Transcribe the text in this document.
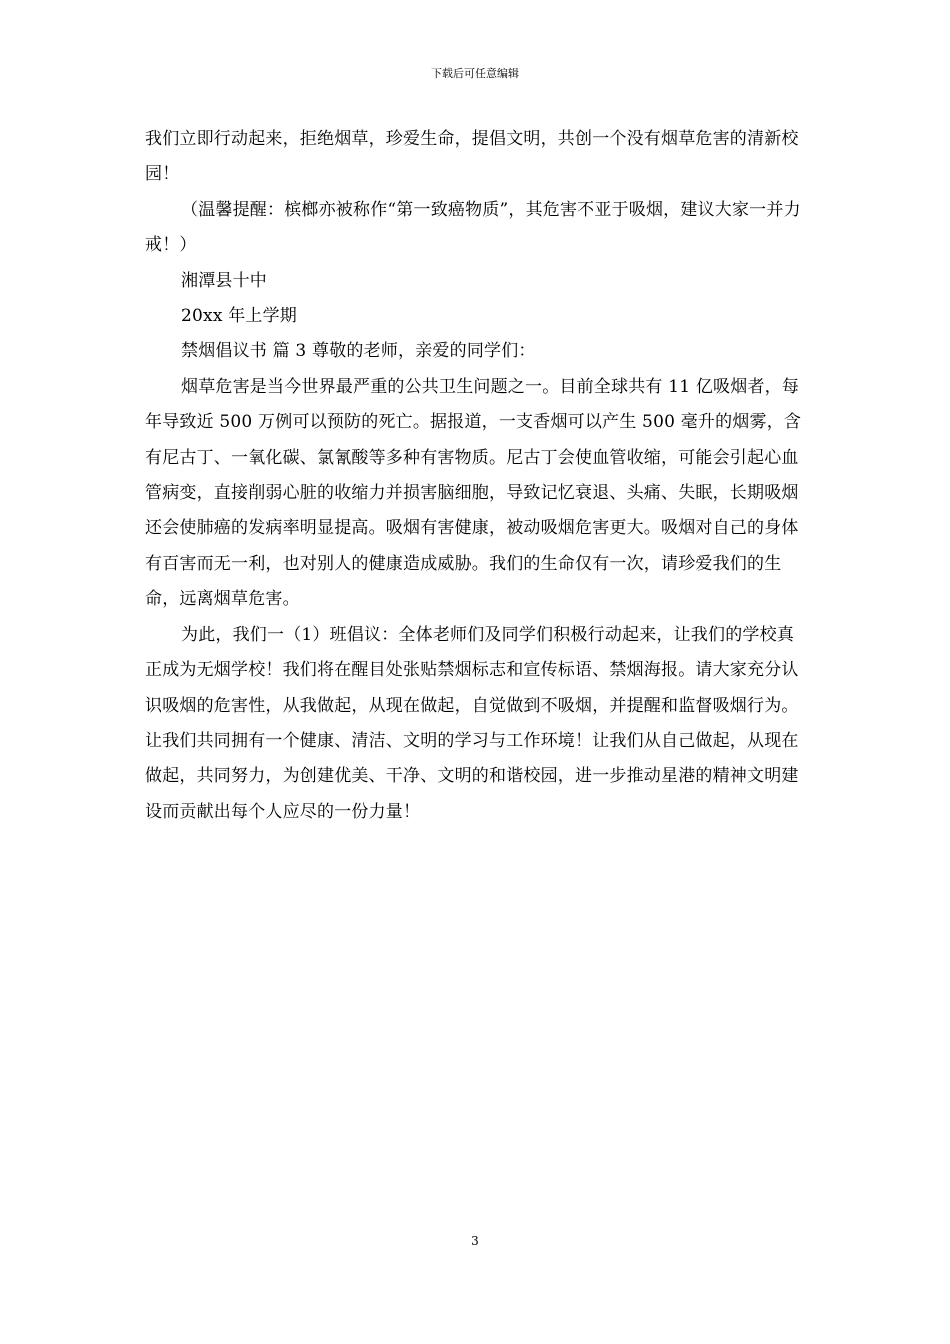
下载后可任意编辑

我们立即行动起来，拒绝烟草，珍爱生命，提倡文明，共创一个没有烟草危害的清新校园！

（温馨提醒：槟榔亦被称作“第一致癌物质”，其危害不亚于吸烟，建议大家一并力戒！）

湘潭县十中

20xx 年上学期

禁烟倡议书 篇 3 尊敬的老师，亲爱的同学们：

烟草危害是当今世界最严重的公共卫生问题之一。目前全球共有 11 亿吸烟者，每年导致近 500 万例可以预防的死亡。据报道，一支香烟可以产生 500 毫升的烟雾，含有尼古丁、一氧化碳、氯氰酸等多种有害物质。尼古丁会使血管收缩，可能会引起心血管病变，直接削弱心脏的收缩力并损害脑细胞，导致记忆衰退、头痛、失眠，长期吸烟还会使肺癌的发病率明显提高。吸烟有害健康，被动吸烟危害更大。吸烟对自己的身体有百害而无一利，也对别人的健康造成威胁。我们的生命仅有一次，请珍爱我们的生命，远离烟草危害。

为此，我们一（1）班倡议：全体老师们及同学们积极行动起来，让我们的学校真正成为无烟学校！我们将在醒目处张贴禁烟标志和宣传标语、禁烟海报。请大家充分认识吸烟的危害性，从我做起，从现在做起，自觉做到不吸烟，并提醒和监督吸烟行为。让我们共同拥有一个健康、清洁、文明的学习与工作环境！让我们从自己做起，从现在做起，共同努力，为创建优美、干净、文明的和谐校园，进一步推动星港的精神文明建设而贡献出每个人应尽的一份力量！

3
